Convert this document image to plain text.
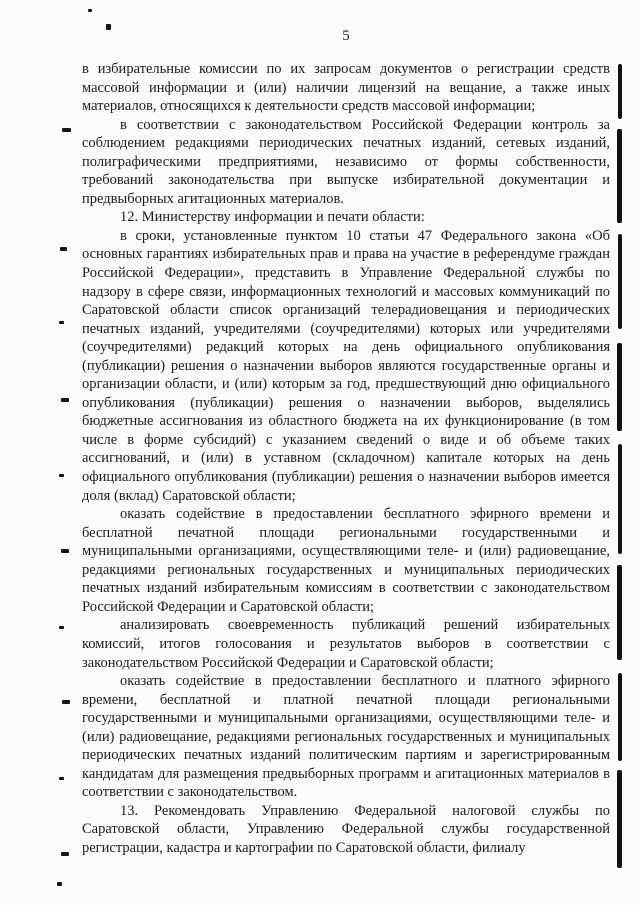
5

в избирательные комиссии по их запросам документов о регистрации средств массовой информации и (или) наличии лицензий на вещание, а также иных материалов, относящихся к деятельности средств массовой информации;

в соответствии с законодательством Российской Федерации контроль за соблюдением редакциями периодических печатных изданий, сетевых изданий, полиграфическими предприятиями, независимо от формы собственности, требований законодательства при выпуске избирательной документации и предвыборных агитационных материалов.

12. Министерству информации и печати области:

в сроки, установленные пунктом 10 статьи 47 Федерального закона «Об основных гарантиях избирательных прав и права на участие в референдуме граждан Российской Федерации», представить в Управление Федеральной службы по надзору в сфере связи, информационных технологий и массовых коммуникаций по Саратовской области список организаций телерадиовещания и периодических печатных изданий, учредителями (соучредителями) которых или учредителями (соучредителями) редакций которых на день официального опубликования (публикации) решения о назначении выборов являются государственные органы и организации области, и (или) которым за год, предшествующий дню официального опубликования (публикации) решения о назначении выборов, выделялись бюджетные ассигнования из областного бюджета на их функционирование (в том числе в форме субсидий) с указанием сведений о виде и об объеме таких ассигнований, и (или) в уставном (складочном) капитале которых на день официального опубликования (публикации) решения о назначении выборов имеется доля (вклад) Саратовской области;

оказать содействие в предоставлении бесплатного эфирного времени и бесплатной печатной площади региональными государственными и муниципальными организациями, осуществляющими теле- и (или) радиовещание, редакциями региональных государственных и муниципальных периодических печатных изданий избирательным комиссиям в соответствии с законодательством Российской Федерации и Саратовской области;

анализировать своевременность публикаций решений избирательных комиссий, итогов голосования и результатов выборов в соответствии с законодательством Российской Федерации и Саратовской области;

оказать содействие в предоставлении бесплатного и платного эфирного времени, бесплатной и платной печатной площади региональными государственными и муниципальными организациями, осуществляющими теле- и (или) радиовещание, редакциями региональных государственных и муниципальных периодических печатных изданий политическим партиям и зарегистрированным кандидатам для размещения предвыборных программ и агитационных материалов в соответствии с законодательством.

13. Рекомендовать Управлению Федеральной налоговой службы по Саратовской области, Управлению Федеральной службы государственной регистрации, кадастра и картографии по Саратовской области, филиалу
